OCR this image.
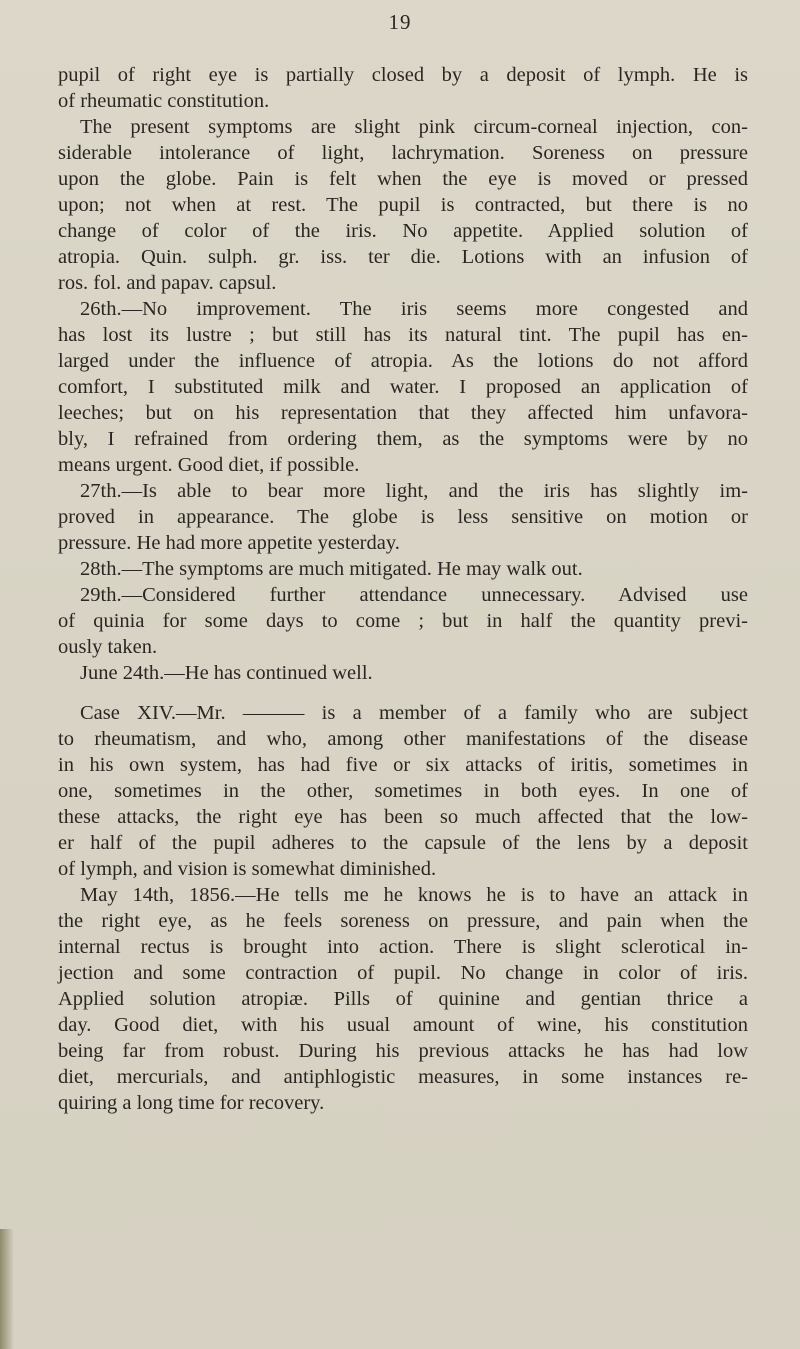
19
pupil of right eye is partially closed by a deposit of lymph. He is
of rheumatic constitution.
The present symptoms are slight pink circum-corneal injection, con-
siderable intolerance of light, lachrymation. Soreness on pressure
upon the globe. Pain is felt when the eye is moved or pressed
upon; not when at rest. The pupil is contracted, but there is no
change of color of the iris. No appetite. Applied solution of
atropia. Quin. sulph. gr. iss. ter die. Lotions with an infusion of
ros. fol. and papav. capsul.
26th.—No improvement. The iris seems more congested and
has lost its lustre ; but still has its natural tint. The pupil has en-
larged under the influence of atropia. As the lotions do not afford
comfort, I substituted milk and water. I proposed an application of
leeches; but on his representation that they affected him unfavora-
bly, I refrained from ordering them, as the symptoms were by no
means urgent. Good diet, if possible.
27th.—Is able to bear more light, and the iris has slightly im-
proved in appearance. The globe is less sensitive on motion or
pressure. He had more appetite yesterday.
28th.—The symptoms are much mitigated. He may walk out.
29th.—Considered further attendance unnecessary. Advised use
of quinia for some days to come ; but in half the quantity previ-
ously taken.
June 24th.—He has continued well.
Case XIV.—Mr. ——— is a member of a family who are subject
to rheumatism, and who, among other manifestations of the disease
in his own system, has had five or six attacks of iritis, sometimes in
one, sometimes in the other, sometimes in both eyes. In one of
these attacks, the right eye has been so much affected that the low-
er half of the pupil adheres to the capsule of the lens by a deposit
of lymph, and vision is somewhat diminished.
May 14th, 1856.—He tells me he knows he is to have an attack in
the right eye, as he feels soreness on pressure, and pain when the
internal rectus is brought into action. There is slight sclerotical in-
jection and some contraction of pupil. No change in color of iris.
Applied solution atropiæ. Pills of quinine and gentian thrice a
day. Good diet, with his usual amount of wine, his constitution
being far from robust. During his previous attacks he has had low
diet, mercurials, and antiphlogistic measures, in some instances re-
quiring a long time for recovery.
